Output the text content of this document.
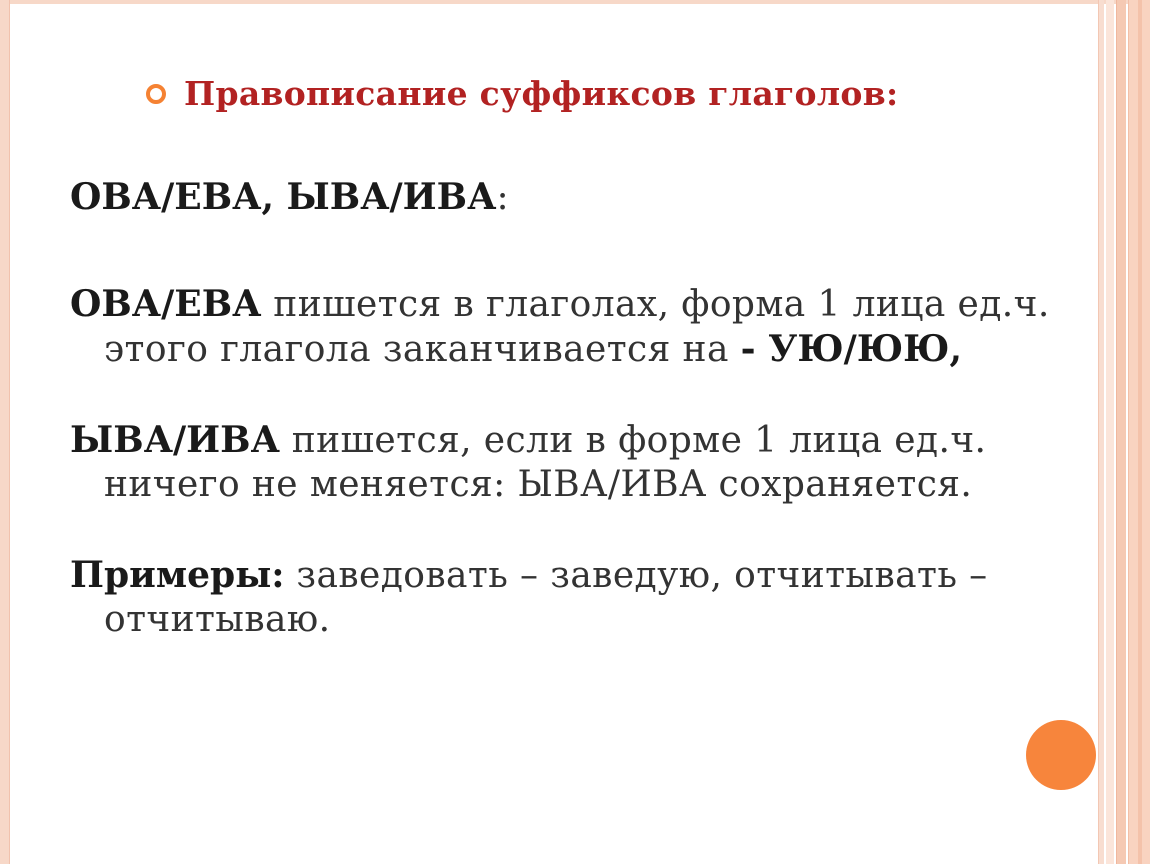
Правописание суффиксов глаголов:

ОВА/ЕВА, ЫВА/ИВА:

ОВА/ЕВА пишется в глаголах, форма 1 лица ед.ч. этого глагола заканчивается на - УЮ/ЮЮ,

ЫВА/ИВА пишется, если в форме 1 лица ед.ч. ничего не меняется: ЫВА/ИВА сохраняется.

Примеры: заведовать – заведую, отчитывать – отчитываю.
